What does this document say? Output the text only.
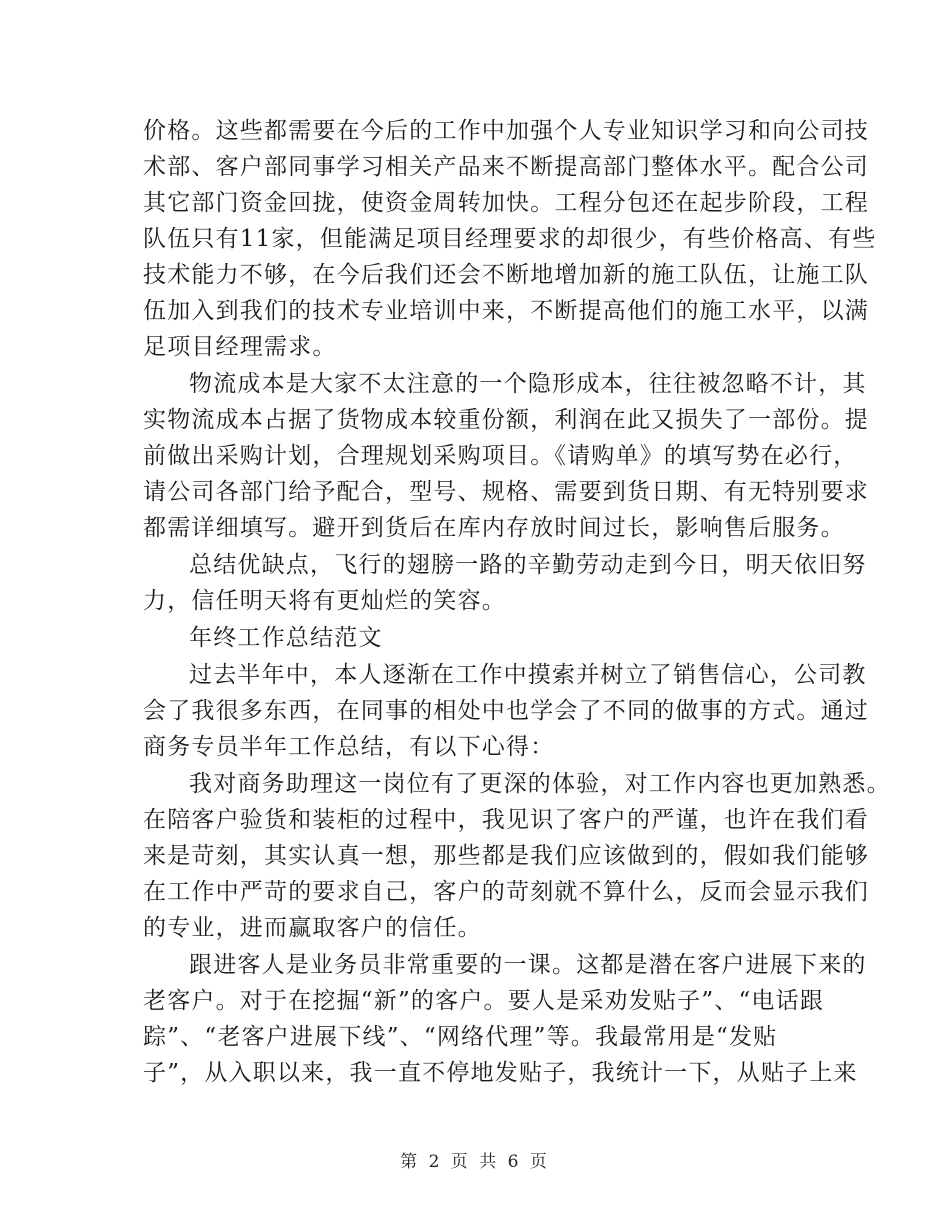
价格。这些都需要在今后的工作中加强个人专业知识学习和向公司技
术部、客户部同事学习相关产品来不断提高部门整体水平。配合公司
其它部门资金回拢，使资金周转加快。工程分包还在起步阶段，工程
队伍只有11家，但能满足项目经理要求的却很少，有些价格高、有些
技术能力不够，在今后我们还会不断地增加新的施工队伍，让施工队
伍加入到我们的技术专业培训中来，不断提高他们的施工水平，以满
足项目经理需求。
物流成本是大家不太注意的一个隐形成本，往往被忽略不计，其
实物流成本占据了货物成本较重份额，利润在此又损失了一部份。提
前做出采购计划，合理规划采购项目。《请购单》的填写势在必行，
请公司各部门给予配合，型号、规格、需要到货日期、有无特别要求
都需详细填写。避开到货后在库内存放时间过长，影响售后服务。
总结优缺点，飞行的翅膀一路的辛勤劳动走到今日，明天依旧努
力，信任明天将有更灿烂的笑容。
年终工作总结范文
过去半年中，本人逐渐在工作中摸索并树立了销售信心，公司教
会了我很多东西，在同事的相处中也学会了不同的做事的方式。通过
商务专员半年工作总结，有以下心得：
我对商务助理这一岗位有了更深的体验，对工作内容也更加熟悉。
在陪客户验货和装柜的过程中，我见识了客户的严谨，也许在我们看
来是苛刻，其实认真一想，那些都是我们应该做到的，假如我们能够
在工作中严苛的要求自己，客户的苛刻就不算什么，反而会显示我们
的专业，进而赢取客户的信任。
跟进客人是业务员非常重要的一课。这都是潜在客户进展下来的
老客户。对于在挖掘“新”的客户。要人是采劝发贴子”、“电话跟
踪”、“老客户进展下线”、“网络代理”等。我最常用是“发贴
子”，从入职以来，我一直不停地发贴子，我统计一下，从贴子上来
第 2 页 共 6 页
